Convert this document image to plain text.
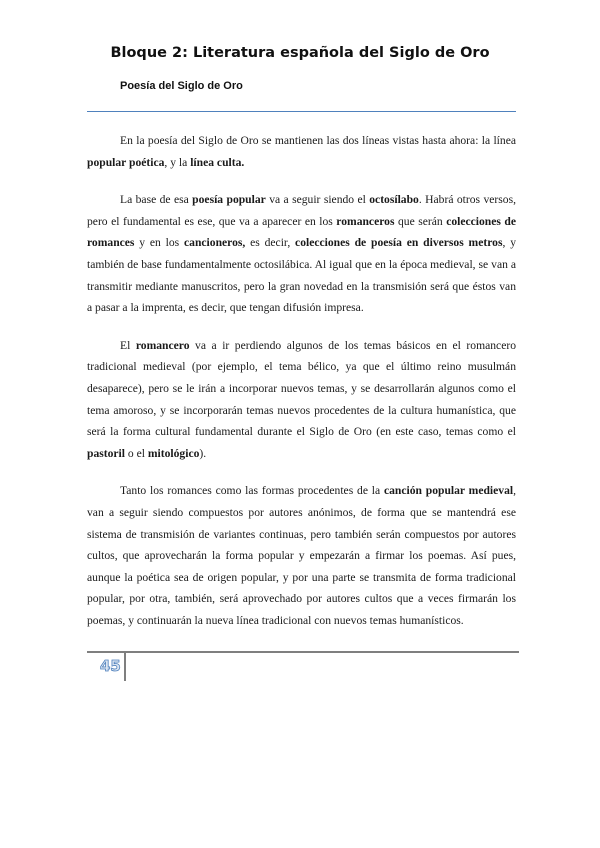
Bloque 2: Literatura española del Siglo de Oro
Poesía del Siglo de Oro

En la poesía del Siglo de Oro se mantienen las dos líneas vistas hasta ahora: la línea popular poética, y la línea culta.

La base de esa poesía popular va a seguir siendo el octosílabo. Habrá otros versos, pero el fundamental es ese, que va a aparecer en los romanceros que serán colecciones de romances y en los cancioneros, es decir, colecciones de poesía en diversos metros, y también de base fundamentalmente octosilábica. Al igual que en la época medieval, se van a transmitir mediante manuscritos, pero la gran novedad en la transmisión será que éstos van a pasar a la imprenta, es decir, que tengan difusión impresa.

El romancero va a ir perdiendo algunos de los temas básicos en el romancero tradicional medieval (por ejemplo, el tema bélico, ya que el último reino musulmán desaparece), pero se le irán a incorporar nuevos temas, y se desarrollarán algunos como el tema amoroso, y se incorporarán temas nuevos procedentes de la cultura humanística, que será la forma cultural fundamental durante el Siglo de Oro (en este caso, temas como el pastoril o el mitológico).

Tanto los romances como las formas procedentes de la canción popular medieval, van a seguir siendo compuestos por autores anónimos, de forma que se mantendrá ese sistema de transmisión de variantes continuas, pero también serán compuestos por autores cultos, que aprovecharán la forma popular y empezarán a firmar los poemas. Así pues, aunque la poética sea de origen popular, y por una parte se transmita de forma tradicional popular, por otra, también, será aprovechado por autores cultos que a veces firmarán los poemas, y continuarán la nueva línea tradicional con nuevos temas humanísticos.

45
